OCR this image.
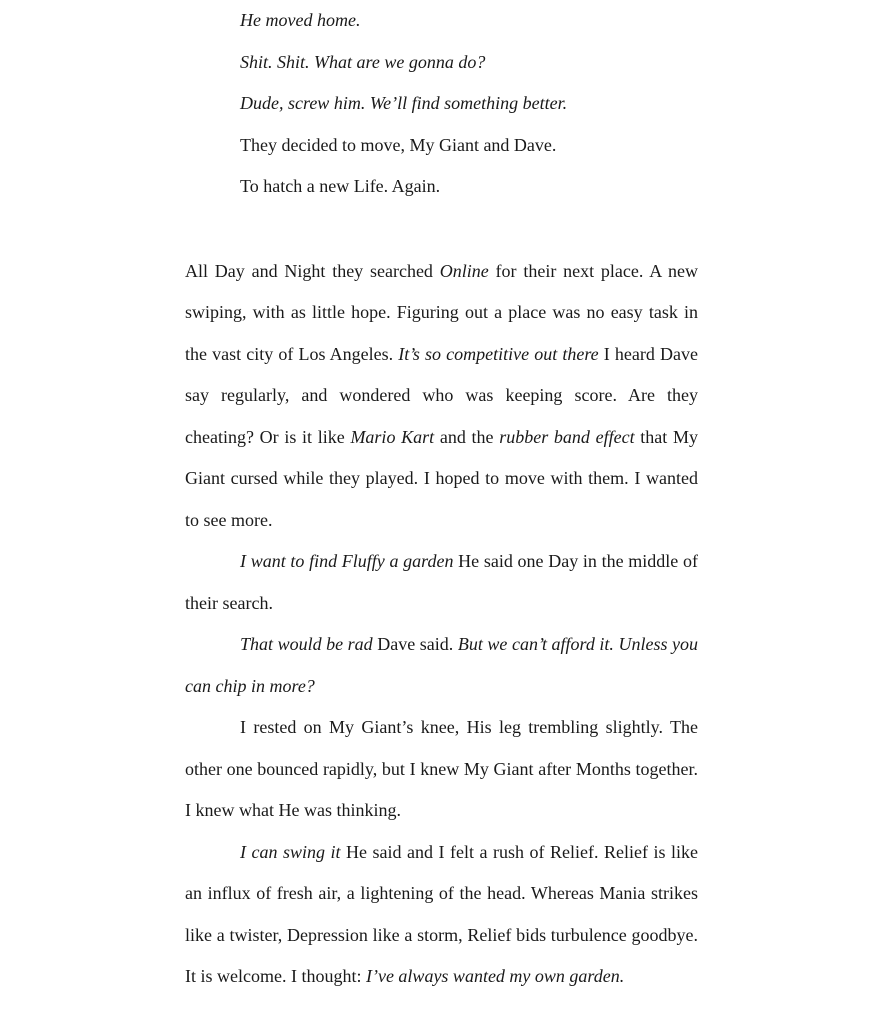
He moved home.

Shit. Shit. What are we gonna do?

Dude, screw him. We’ll find something better.

They decided to move, My Giant and Dave.

To hatch a new Life. Again.

All Day and Night they searched Online for their next place. A new swiping, with as little hope. Figuring out a place was no easy task in the vast city of Los Angeles. It’s so competitive out there I heard Dave say regularly, and wondered who was keeping score. Are they cheating? Or is it like Mario Kart and the rubber band effect that My Giant cursed while they played. I hoped to move with them. I wanted to see more.

I want to find Fluffy a garden He said one Day in the middle of their search.

That would be rad Dave said. But we can’t afford it. Unless you can chip in more?

I rested on My Giant’s knee, His leg trembling slightly. The other one bounced rapidly, but I knew My Giant after Months together. I knew what He was thinking.

I can swing it He said and I felt a rush of Relief. Relief is like an influx of fresh air, a lightening of the head. Whereas Mania strikes like a twister, Depression like a storm, Relief bids turbulence goodbye. It is welcome. I thought: I’ve always wanted my own garden.
